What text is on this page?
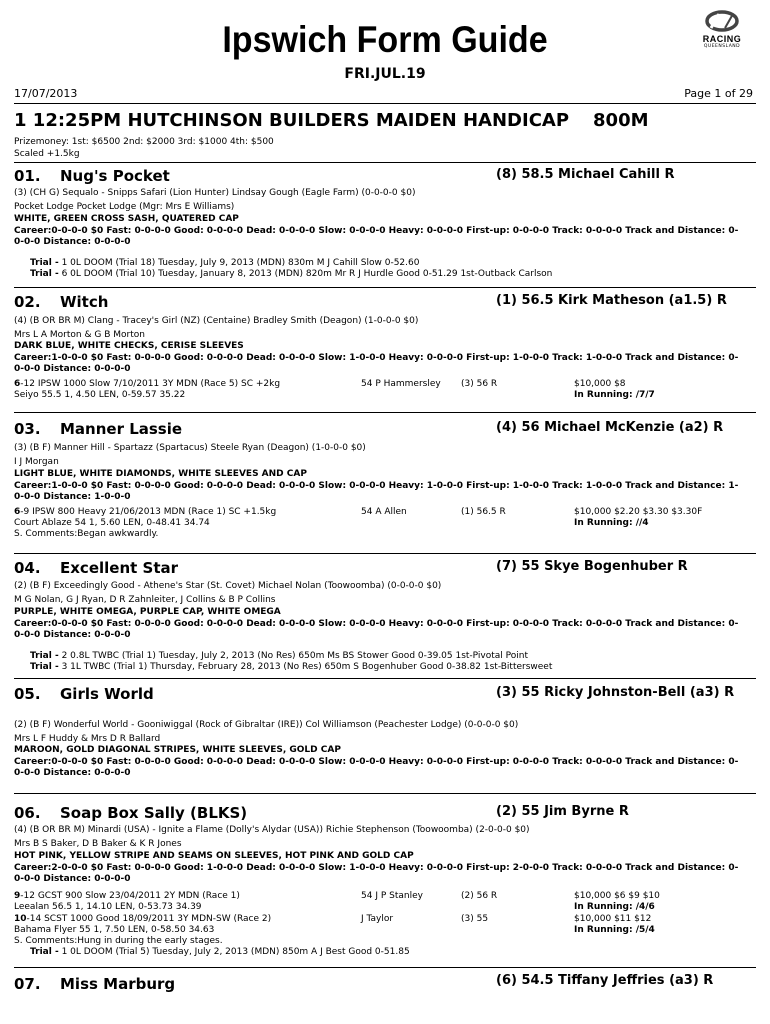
Ipswich Form Guide
FRI.JUL.19
RACING
QUEENSLAND
17/07/2013	Page 1 of 29
1 12:25PM HUTCHINSON BUILDERS MAIDEN HANDICAP 800M
Prizemoney: 1st: $6500 2nd: $2000 3rd: $1000 4th: $500
Scaled +1.5kg
01. Nug's Pocket	(8) 58.5 Michael Cahill R
(3) (CH G) Sequalo - Snipps Safari (Lion Hunter) Lindsay Gough (Eagle Farm) (0-0-0-0 $0)
Pocket Lodge Pocket Lodge (Mgr: Mrs E Williams)
WHITE, GREEN CROSS SASH, QUATERED CAP
Career:0-0-0-0 $0 Fast: 0-0-0-0 Good: 0-0-0-0 Dead: 0-0-0-0 Slow: 0-0-0-0 Heavy: 0-0-0-0 First-up: 0-0-0-0 Track: 0-0-0-0 Track and Distance: 0-0-0-0 Distance: 0-0-0-0
Trial - 1 0L DOOM (Trial 18) Tuesday, July 9, 2013 (MDN) 830m M J Cahill Slow 0-52.60
Trial - 6 0L DOOM (Trial 10) Tuesday, January 8, 2013 (MDN) 820m Mr R J Hurdle Good 0-51.29 1st-Outback Carlson
02. Witch	(1) 56.5 Kirk Matheson (a1.5) R
(4) (B OR BR M) Clang - Tracey's Girl (NZ) (Centaine) Bradley Smith (Deagon) (1-0-0-0 $0)
Mrs L A Morton & G B Morton
DARK BLUE, WHITE CHECKS, CERISE SLEEVES
Career:1-0-0-0 $0 Fast: 0-0-0-0 Good: 0-0-0-0 Dead: 0-0-0-0 Slow: 1-0-0-0 Heavy: 0-0-0-0 First-up: 1-0-0-0 Track: 1-0-0-0 Track and Distance: 0-0-0-0 Distance: 0-0-0-0
6-12 IPSW 1000 Slow 7/10/2011 3Y MDN (Race 5) SC +2kg	54 P Hammersley (3) 56 R	$10,000 $8
Seiyo 55.5 1, 4.50 LEN, 0-59.57 35.22	In Running: /7/7
03. Manner Lassie	(4) 56 Michael McKenzie (a2) R
(3) (B F) Manner Hill - Spartazz (Spartacus) Steele Ryan (Deagon) (1-0-0-0 $0)
I J Morgan
LIGHT BLUE, WHITE DIAMONDS, WHITE SLEEVES AND CAP
Career:1-0-0-0 $0 Fast: 0-0-0-0 Good: 0-0-0-0 Dead: 0-0-0-0 Slow: 0-0-0-0 Heavy: 1-0-0-0 First-up: 1-0-0-0 Track: 1-0-0-0 Track and Distance: 1-0-0-0 Distance: 1-0-0-0
6-9 IPSW 800 Heavy 21/06/2013 MDN (Race 1) SC +1.5kg	54 A Allen	(1) 56.5 R	$10,000 $2.20 $3.30 $3.30F
Court Ablaze 54 1, 5.60 LEN, 0-48.41 34.74	In Running: //4
S. Comments:Began awkwardly.
04. Excellent Star	(7) 55 Skye Bogenhuber R
(2) (B F) Exceedingly Good - Athene's Star (St. Covet) Michael Nolan (Toowoomba) (0-0-0-0 $0)
M G Nolan, G J Ryan, D R Zahnleiter, J Collins & B P Collins
PURPLE, WHITE OMEGA, PURPLE CAP, WHITE OMEGA
Career:0-0-0-0 $0 Fast: 0-0-0-0 Good: 0-0-0-0 Dead: 0-0-0-0 Slow: 0-0-0-0 Heavy: 0-0-0-0 First-up: 0-0-0-0 Track: 0-0-0-0 Track and Distance: 0-0-0-0 Distance: 0-0-0-0
Trial - 2 0.8L TWBC (Trial 1) Tuesday, July 2, 2013 (No Res) 650m Ms BS Stower Good 0-39.05 1st-Pivotal Point
Trial - 3 1L TWBC (Trial 1) Thursday, February 28, 2013 (No Res) 650m S Bogenhuber Good 0-38.82 1st-Bittersweet
05. Girls World	(3) 55 Ricky Johnston-Bell (a3) R
(2) (B F) Wonderful World - Gooniwiggal (Rock of Gibraltar (IRE)) Col Williamson (Peachester Lodge) (0-0-0-0 $0)
Mrs L F Huddy & Mrs D R Ballard
MAROON, GOLD DIAGONAL STRIPES, WHITE SLEEVES, GOLD CAP
Career:0-0-0-0 $0 Fast: 0-0-0-0 Good: 0-0-0-0 Dead: 0-0-0-0 Slow: 0-0-0-0 Heavy: 0-0-0-0 First-up: 0-0-0-0 Track: 0-0-0-0 Track and Distance: 0-0-0-0 Distance: 0-0-0-0
06. Soap Box Sally (BLKS)	(2) 55 Jim Byrne R
(4) (B OR BR M) Minardi (USA) - Ignite a Flame (Dolly's Alydar (USA)) Richie Stephenson (Toowoomba) (2-0-0-0 $0)
Mrs B S Baker, D B Baker & K R Jones
HOT PINK, YELLOW STRIPE AND SEAMS ON SLEEVES, HOT PINK AND GOLD CAP
Career:2-0-0-0 $0 Fast: 0-0-0-0 Good: 1-0-0-0 Dead: 0-0-0-0 Slow: 1-0-0-0 Heavy: 0-0-0-0 First-up: 2-0-0-0 Track: 0-0-0-0 Track and Distance: 0-0-0-0 Distance: 0-0-0-0
9-12 GCST 900 Slow 23/04/2011 2Y MDN (Race 1)	54 J P Stanley	(2) 56 R	$10,000 $6 $9 $10
Leealan 56.5 1, 14.10 LEN, 0-53.73 34.39	In Running: /4/6
10-14 SCST 1000 Good 18/09/2011 3Y MDN-SW (Race 2)	J Taylor	(3) 55	$10,000 $11 $12
Bahama Flyer 55 1, 7.50 LEN, 0-58.50 34.63	In Running: /5/4
S. Comments:Hung in during the early stages.
Trial - 1 0L DOOM (Trial 5) Tuesday, July 2, 2013 (MDN) 850m A J Best Good 0-51.85
07. Miss Marburg	(6) 54.5 Tiffany Jeffries (a3) R
